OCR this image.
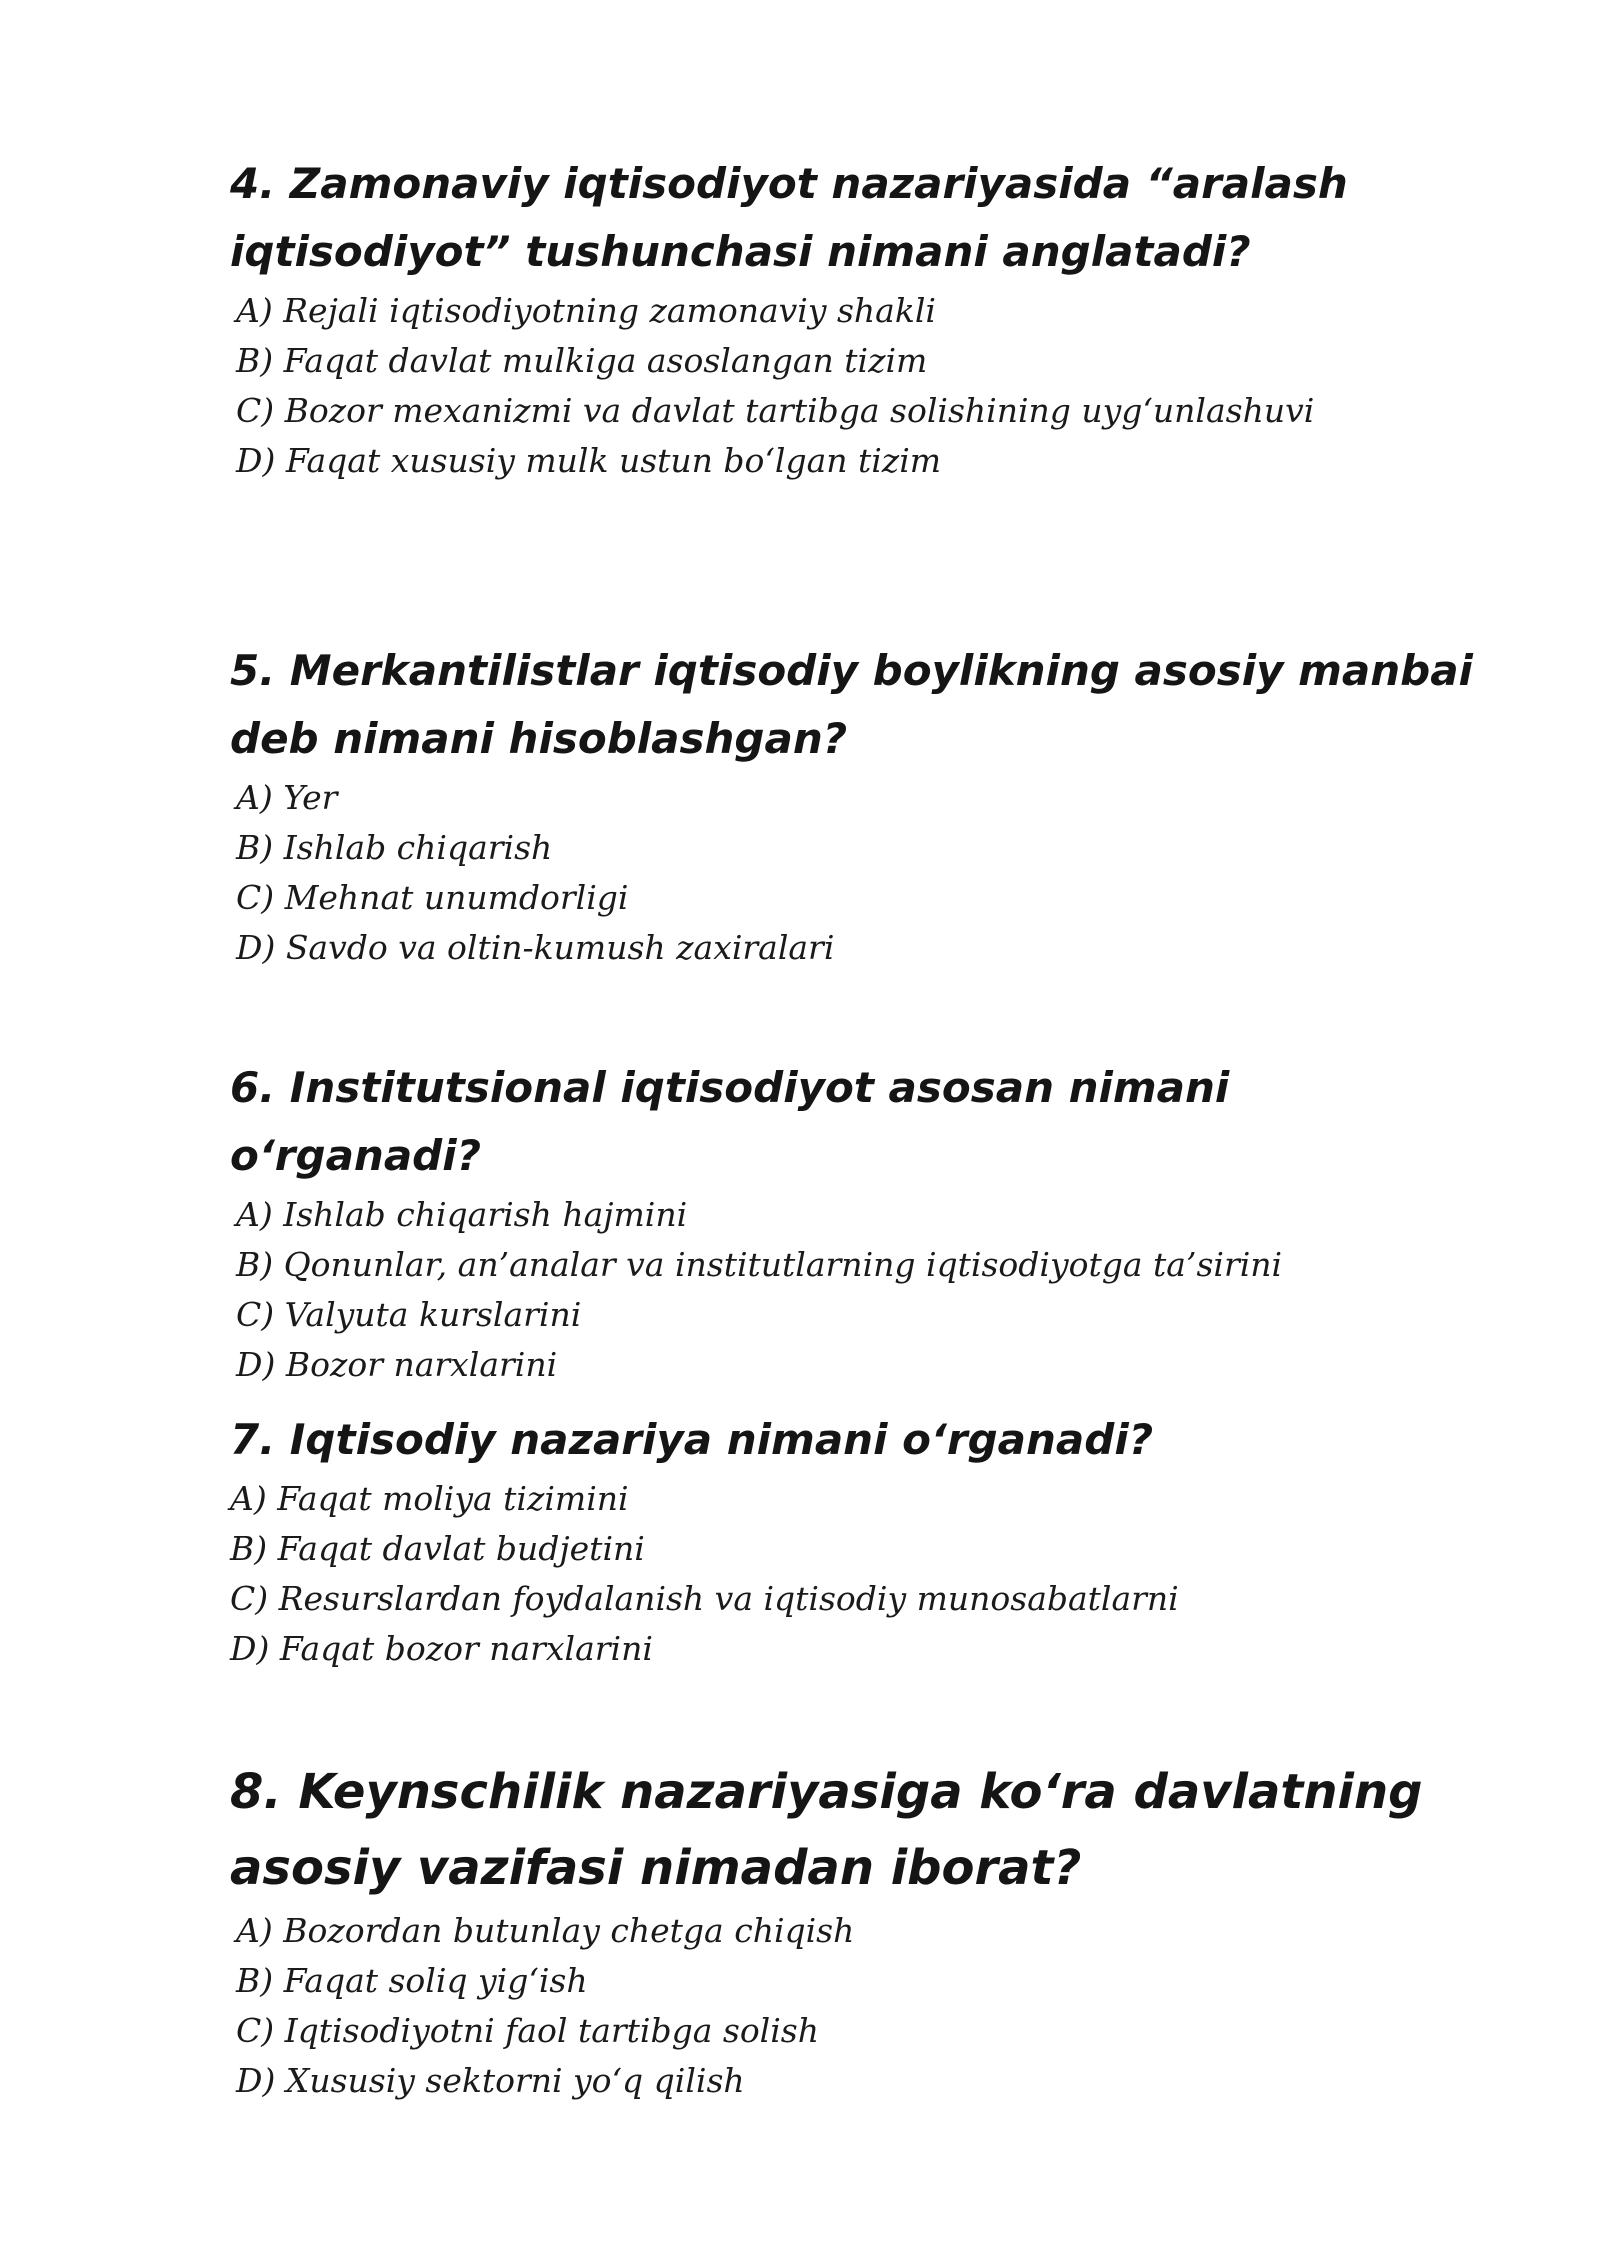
4. Zamonaviy iqtisodiyot nazariyasida “aralash iqtisodiyot” tushunchasi nimani anglatadi?
A) Rejali iqtisodiyotning zamonaviy shakli
B) Faqat davlat mulkiga asoslangan tizim
C) Bozor mexanizmi va davlat tartibga solishining uyg‘unlashuvi
D) Faqat xususiy mulk ustun bo‘lgan tizim
5. Merkantilistlar iqtisodiy boylikning asosiy manbai deb nimani hisoblashgan?
A) Yer
B) Ishlab chiqarish
C) Mehnat unumdorligi
D) Savdo va oltin-kumush zaxiralari
6. Institutsional iqtisodiyot asosan nimani o‘rganadi?
A) Ishlab chiqarish hajmini
B) Qonunlar, an’analar va institutlarning iqtisodiyotga ta’sirini
C) Valyuta kurslarini
D) Bozor narxlarini
7. Iqtisodiy nazariya nimani o‘rganadi?
A) Faqat moliya tizimini
B) Faqat davlat budjetini
C) Resurslardan foydalanish va iqtisodiy munosabatlarni
D) Faqat bozor narxlarini
8. Keynschilik nazariyasiga ko‘ra davlatning asosiy vazifasi nimadan iborat?
A) Bozordan butunlay chetga chiqish
B) Faqat soliq yig‘ish
C) Iqtisodiyotni faol tartibga solish
D) Xususiy sektorni yo‘q qilish
